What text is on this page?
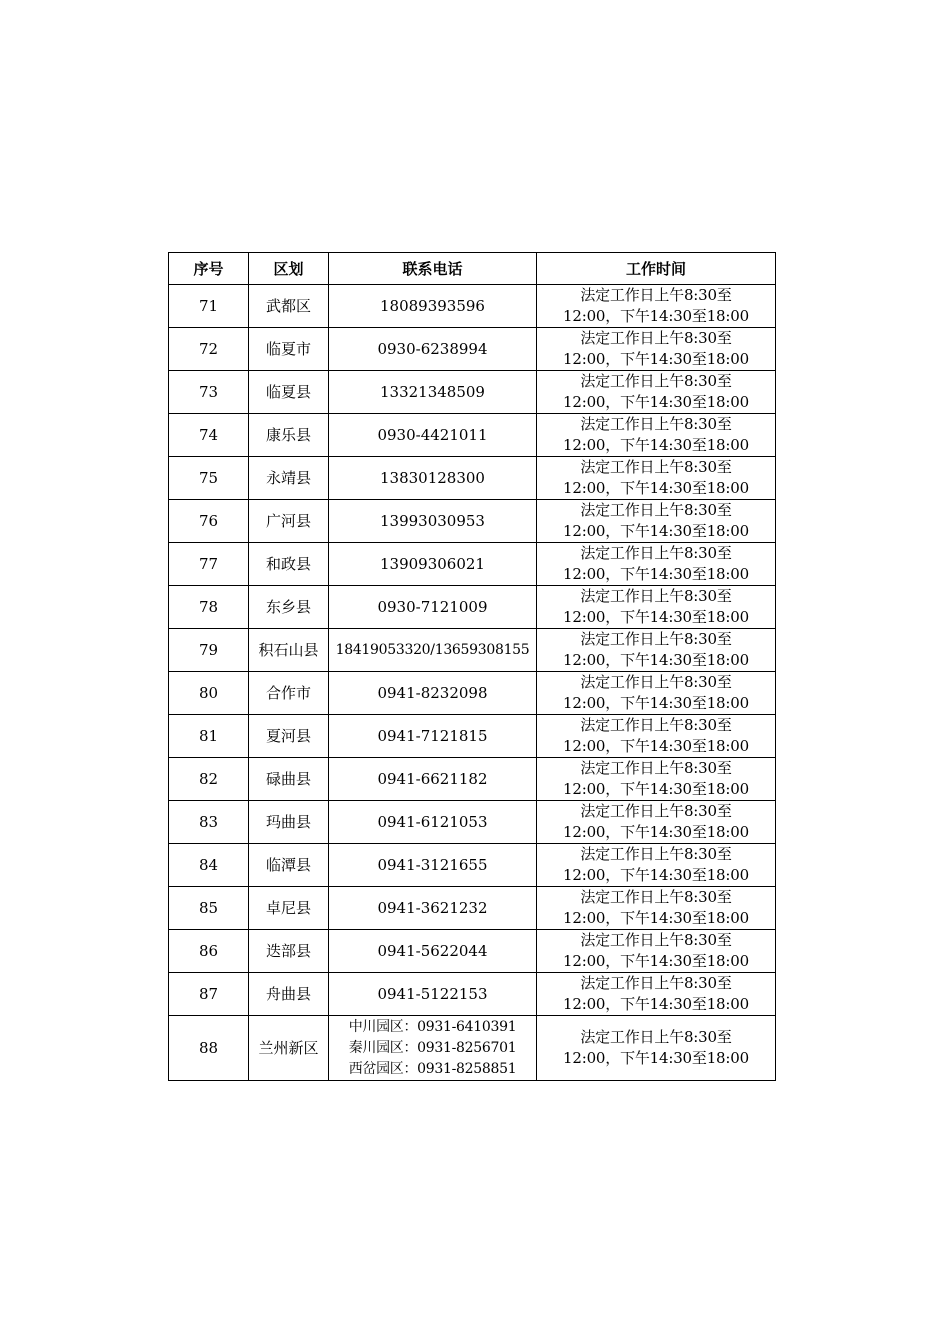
序号	区划	联系电话	工作时间
71	武都区	18089393596	法定工作日上午8:30至
12:00，下午14:30至18:00

72	临夏市	0930-6238994	法定工作日上午8:30至
12:00，下午14:30至18:00

73	临夏县	13321348509	法定工作日上午8:30至
12:00，下午14:30至18:00

74	康乐县	0930-4421011	法定工作日上午8:30至
12:00，下午14:30至18:00

75	永靖县	13830128300	法定工作日上午8:30至
12:00，下午14:30至18:00

76	广河县	13993030953	法定工作日上午8:30至
12:00，下午14:30至18:00

77	和政县	13909306021	法定工作日上午8:30至
12:00，下午14:30至18:00

78	东乡县	0930-7121009	法定工作日上午8:30至
12:00，下午14:30至18:00

79	积石山县	18419053320/13659308155	法定工作日上午8:30至
12:00，下午14:30至18:00

80	合作市	0941-8232098	法定工作日上午8:30至
12:00，下午14:30至18:00

81	夏河县	0941-7121815	法定工作日上午8:30至
12:00，下午14:30至18:00

82	碌曲县	0941-6621182	法定工作日上午8:30至
12:00，下午14:30至18:00

83	玛曲县	0941-6121053	法定工作日上午8:30至
12:00，下午14:30至18:00

84	临潭县	0941-3121655	法定工作日上午8:30至
12:00，下午14:30至18:00

85	卓尼县	0941-3621232	法定工作日上午8:30至
12:00，下午14:30至18:00

86	迭部县	0941-5622044	法定工作日上午8:30至
12:00，下午14:30至18:00

87	舟曲县	0941-5122153	法定工作日上午8:30至
12:00，下午14:30至18:00

88	兰州新区	中川园区：0931-6410391
秦川园区：0931-8256701
西岔园区：0931-8258851	法定工作日上午8:30至
12:00，下午14:30至18:00
